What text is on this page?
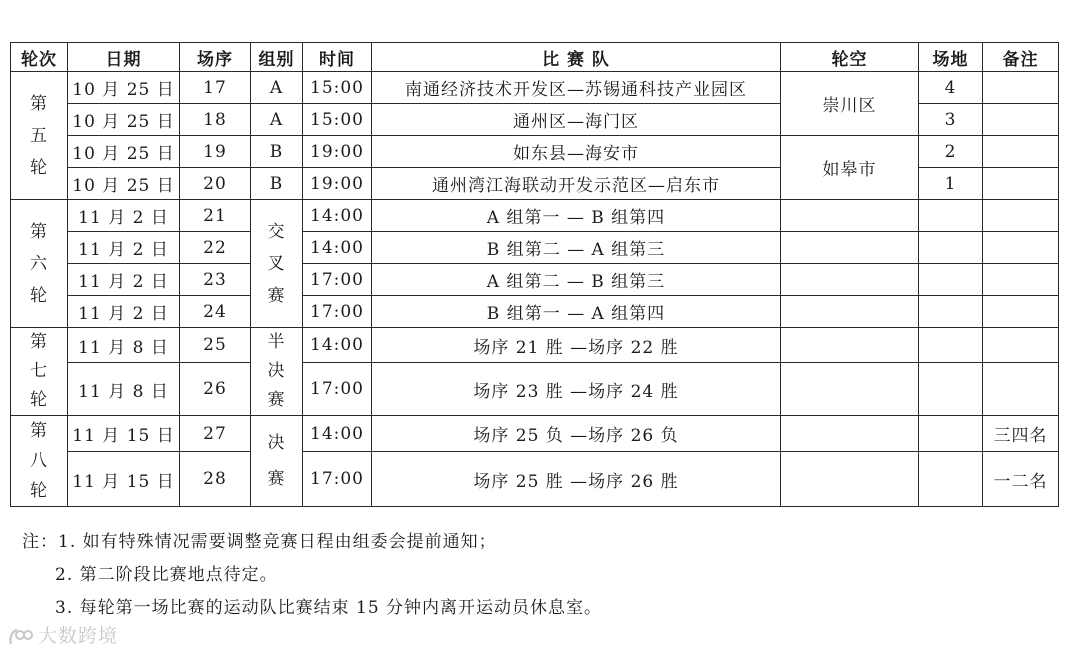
轮次	日期	场序	组别	时间	比 赛 队	轮空	场地	备注

第
五
轮	10 月 25 日	17	A	15:00	南通经济技术开发区—苏锡通科技产业园区	崇川区	4	
	10 月 25 日	18	A	15:00	通州区—海门区		3	
	10 月 25 日	19	B	19:00	如东县—海安市	如皋市	2	
	10 月 25 日	20	B	19:00	通州湾江海联动开发示范区—启东市		1	

第
六
轮	11 月 2 日	21	交
叉
赛	14:00	A 组第一 — B 组第四			
	11 月 2 日	22		14:00	B 组第二 — A 组第三			
	11 月 2 日	23		17:00	A 组第二 — B 组第三			
	11 月 2 日	24		17:00	B 组第一 — A 组第四			

第
七
轮	11 月 8 日	25	半
决
赛	14:00	场序 21 胜 —场序 22 胜			
	11 月 8 日	26		17:00	场序 23 胜 —场序 24 胜			

第
八
轮	11 月 15 日	27	决
赛	14:00	场序 25 负 —场序 26 负			三四名
	11 月 15 日	28		17:00	场序 25 胜 —场序 26 胜			一二名
注：1. 如有特殊情况需要调整竞赛日程由组委会提前通知；
2. 第二阶段比赛地点待定。
3. 每轮第一场比赛的运动队比赛结束 15 分钟内离开运动员休息室。
大数跨境
